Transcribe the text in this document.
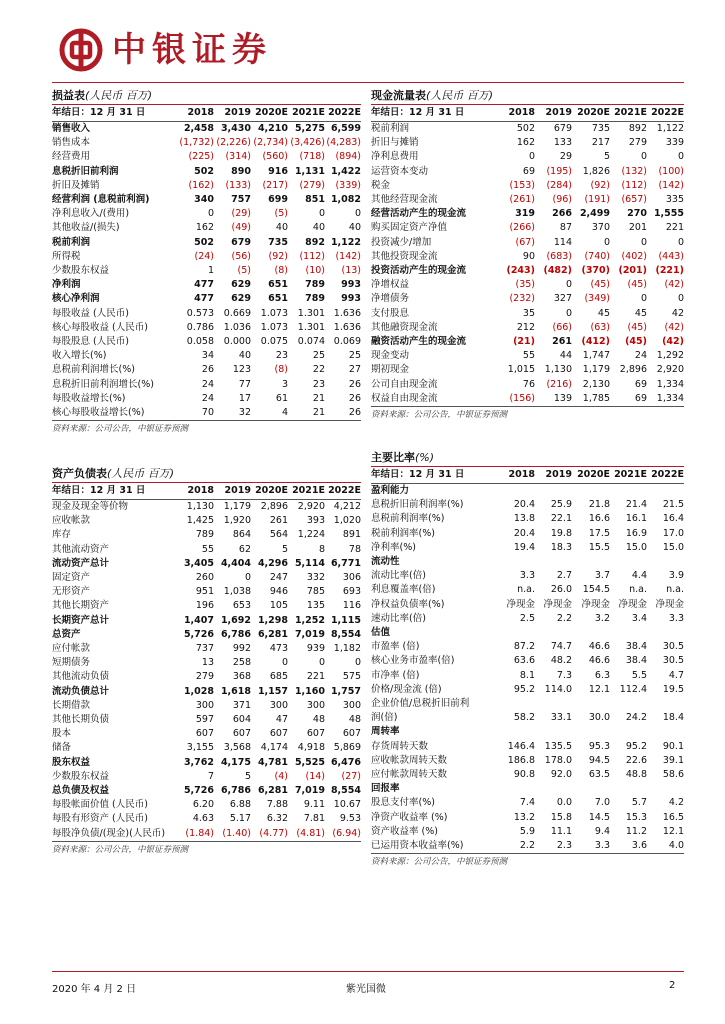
中银证券
损益表(人民币 百万)
年结日：12 月 31 日	2018	2019	2020E	2021E	2022E
销售收入	2,458	3,430	4,210	5,275	6,599
销售成本	(1,732)	(2,226)	(2,734)	(3,426)	(4,283)
经营费用	(225)	(314)	(560)	(718)	(894)
息税折旧前利润	502	890	916	1,131	1,422
折旧及摊销	(162)	(133)	(217)	(279)	(339)
经营利润 (息税前利润)	340	757	699	851	1,082
净利息收入/(费用)	0	(29)	(5)	0	0
其他收益/(损失)	162	(49)	40	40	40
税前利润	502	679	735	892	1,122
所得税	(24)	(56)	(92)	(112)	(142)
少数股东权益	1	(5)	(8)	(10)	(13)
净利润	477	629	651	789	993
核心净利润	477	629	651	789	993
每股收益 (人民币)	0.573	0.669	1.073	1.301	1.636
核心每股收益 (人民币)	0.786	1.036	1.073	1.301	1.636
每股股息 (人民币)	0.058	0.000	0.075	0.074	0.069
收入增长(%)	34	40	23	25	25
息税前利润增长(%)	26	123	(8)	22	27
息税折旧前利润增长(%)	24	77	3	23	26
每股收益增长(%)	24	17	61	21	26
核心每股收益增长(%)	70	32	4	21	26
资料来源：公司公告，中银证券预测
现金流量表(人民币 百万)
年结日：12 月 31 日	2018	2019	2020E	2021E	2022E
税前利润	502	679	735	892	1,122
折旧与摊销	162	133	217	279	339
净利息费用	0	29	5	0	0
运营资本变动	69	(195)	1,826	(132)	(100)
税金	(153)	(284)	(92)	(112)	(142)
其他经营现金流	(261)	(96)	(191)	(657)	335
经营活动产生的现金流	319	266	2,499	270	1,555
购买固定资产净值	(266)	87	370	201	221
投资减少/增加	(67)	114	0	0	0
其他投资现金流	90	(683)	(740)	(402)	(443)
投资活动产生的现金流	(243)	(482)	(370)	(201)	(221)
净增权益	(35)	0	(45)	(45)	(42)
净增债务	(232)	327	(349)	0	0
支付股息	35	0	45	45	42
其他融资现金流	212	(66)	(63)	(45)	(42)
融资活动产生的现金流	(21)	261	(412)	(45)	(42)
现金变动	55	44	1,747	24	1,292
期初现金	1,015	1,130	1,179	2,896	2,920
公司自由现金流	76	(216)	2,130	69	1,334
权益自由现金流	(156)	139	1,785	69	1,334
资料来源：公司公告，中银证券预测
资产负债表(人民币 百万)
年结日：12 月 31 日	2018	2019	2020E	2021E	2022E
现金及现金等价物	1,130	1,179	2,896	2,920	4,212
应收帐款	1,425	1,920	261	393	1,020
库存	789	864	564	1,224	891
其他流动资产	55	62	5	8	78
流动资产总计	3,405	4,404	4,296	5,114	6,771
固定资产	260	0	247	332	306
无形资产	951	1,038	946	785	693
其他长期资产	196	653	105	135	116
长期资产总计	1,407	1,692	1,298	1,252	1,115
总资产	5,726	6,786	6,281	7,019	8,554
应付帐款	737	992	473	939	1,182
短期债务	13	258	0	0	0
其他流动负债	279	368	685	221	575
流动负债总计	1,028	1,618	1,157	1,160	1,757
长期借款	300	371	300	300	300
其他长期负债	597	604	47	48	48
股本	607	607	607	607	607
储备	3,155	3,568	4,174	4,918	5,869
股东权益	3,762	4,175	4,781	5,525	6,476
少数股东权益	7	5	(4)	(14)	(27)
总负债及权益	5,726	6,786	6,281	7,019	8,554
每股帐面价值 (人民币)	6.20	6.88	7.88	9.11	10.67
每股有形资产 (人民币)	4.63	5.17	6.32	7.81	9.53
每股净负债/(现金)(人民币)	(1.84)	(1.40)	(4.77)	(4.81)	(6.94)
资料来源：公司公告，中银证券预测
主要比率(%)
年结日：12 月 31 日	2018	2019	2020E	2021E	2022E
盈利能力					
息税折旧前利润率(%)	20.4	25.9	21.8	21.4	21.5
息税前利润率(%)	13.8	22.1	16.6	16.1	16.4
税前利润率(%)	20.4	19.8	17.5	16.9	17.0
净利率(%)	19.4	18.3	15.5	15.0	15.0
流动性					
流动比率(倍)	3.3	2.7	3.7	4.4	3.9
利息覆盖率(倍)	n.a.	26.0	154.5	n.a.	n.a.
净权益负债率(%)	净现金	净现金	净现金	净现金	净现金
速动比率(倍)	2.5	2.2	3.2	3.4	3.3
估值					
市盈率 (倍)	87.2	74.7	46.6	38.4	30.5
核心业务市盈率(倍)	63.6	48.2	46.6	38.4	30.5
市净率 (倍)	8.1	7.3	6.3	5.5	4.7
价格/现金流 (倍)	95.2	114.0	12.1	112.4	19.5
企业价值/息税折旧前利					
润(倍)	58.2	33.1	30.0	24.2	18.4
周转率					
存货周转天数	146.4	135.5	95.3	95.2	90.1
应收帐款周转天数	186.8	178.0	94.5	22.6	39.1
应付帐款周转天数	90.8	92.0	63.5	48.8	58.6
回报率					
股息支付率(%)	7.4	0.0	7.0	5.7	4.2
净资产收益率 (%)	13.2	15.8	14.5	15.3	16.5
资产收益率 (%)	5.9	11.1	9.4	11.2	12.1
已运用资本收益率(%)	2.2	2.3	3.3	3.6	4.0
资料来源：公司公告，中银证券预测
2020 年 4 月 2 日	紫光国微	2
